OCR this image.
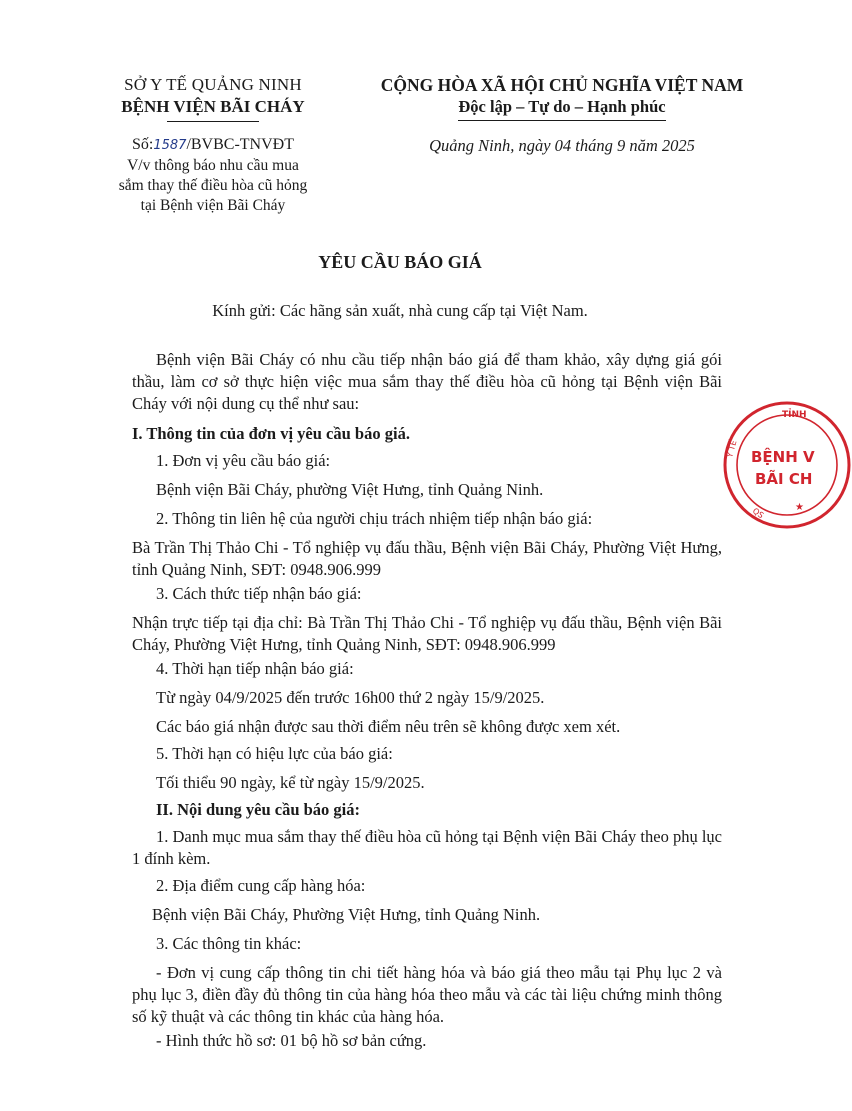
SỞ Y TẾ QUẢNG NINH
BỆNH VIỆN BÃI CHÁY
Số:1587/BVBC-TNVĐT
V/v thông báo nhu cầu mua
sắm thay thế điều hòa cũ hỏng
tại Bệnh viện Bãi Cháy
CỘNG HÒA XÃ HỘI CHỦ NGHĨA VIỆT NAM
Độc lập – Tự do – Hạnh phúc
Quảng Ninh, ngày 04 tháng 9 năm 2025
YÊU CẦU BÁO GIÁ
Kính gửi: Các hãng sản xuất, nhà cung cấp tại Việt Nam.
Bệnh viện Bãi Cháy có nhu cầu tiếp nhận báo giá để tham khảo, xây dựng giá gói thầu, làm cơ sở thực hiện việc mua sắm thay thế điều hòa cũ hỏng tại Bệnh viện Bãi Cháy với nội dung cụ thể như sau:
I. Thông tin của đơn vị yêu cầu báo giá.
1. Đơn vị yêu cầu báo giá:
Bệnh viện Bãi Cháy, phường Việt Hưng, tỉnh Quảng Ninh.
2. Thông tin liên hệ của người chịu trách nhiệm tiếp nhận báo giá:
Bà Trần Thị Thảo Chi - Tổ nghiệp vụ đấu thầu, Bệnh viện Bãi Cháy, Phường Việt Hưng, tỉnh Quảng Ninh, SĐT: 0948.906.999
3. Cách thức tiếp nhận báo giá:
Nhận trực tiếp tại địa chỉ: Bà Trần Thị Thảo Chi - Tổ nghiệp vụ đấu thầu, Bệnh viện Bãi Cháy, Phường Việt Hưng, tỉnh Quảng Ninh, SĐT: 0948.906.999
4. Thời hạn tiếp nhận báo giá:
Từ ngày 04/9/2025 đến trước 16h00 thứ 2 ngày 15/9/2025.
Các báo giá nhận được sau thời điểm nêu trên sẽ không được xem xét.
5. Thời hạn có hiệu lực của báo giá:
Tối thiểu 90 ngày, kể từ ngày 15/9/2025.
II. Nội dung yêu cầu báo giá:
1. Danh mục mua sắm thay thế điều hòa cũ hỏng tại Bệnh viện Bãi Cháy theo phụ lục 1 đính kèm.
2. Địa điểm cung cấp hàng hóa:
Bệnh viện Bãi Cháy, Phường Việt Hưng, tỉnh Quảng Ninh.
3. Các thông tin khác:
- Đơn vị cung cấp thông tin chi tiết hàng hóa và báo giá theo mẫu tại Phụ lục 2 và phụ lục 3, điền đầy đủ thông tin của hàng hóa theo mẫu và các tài liệu chứng minh thông số kỹ thuật và các thông tin khác của hàng hóa.
- Hình thức hồ sơ: 01 bộ hồ sơ bản cứng.
TỈNH
Y TẾ
QS	★
BỆNH V
BÃI CH
